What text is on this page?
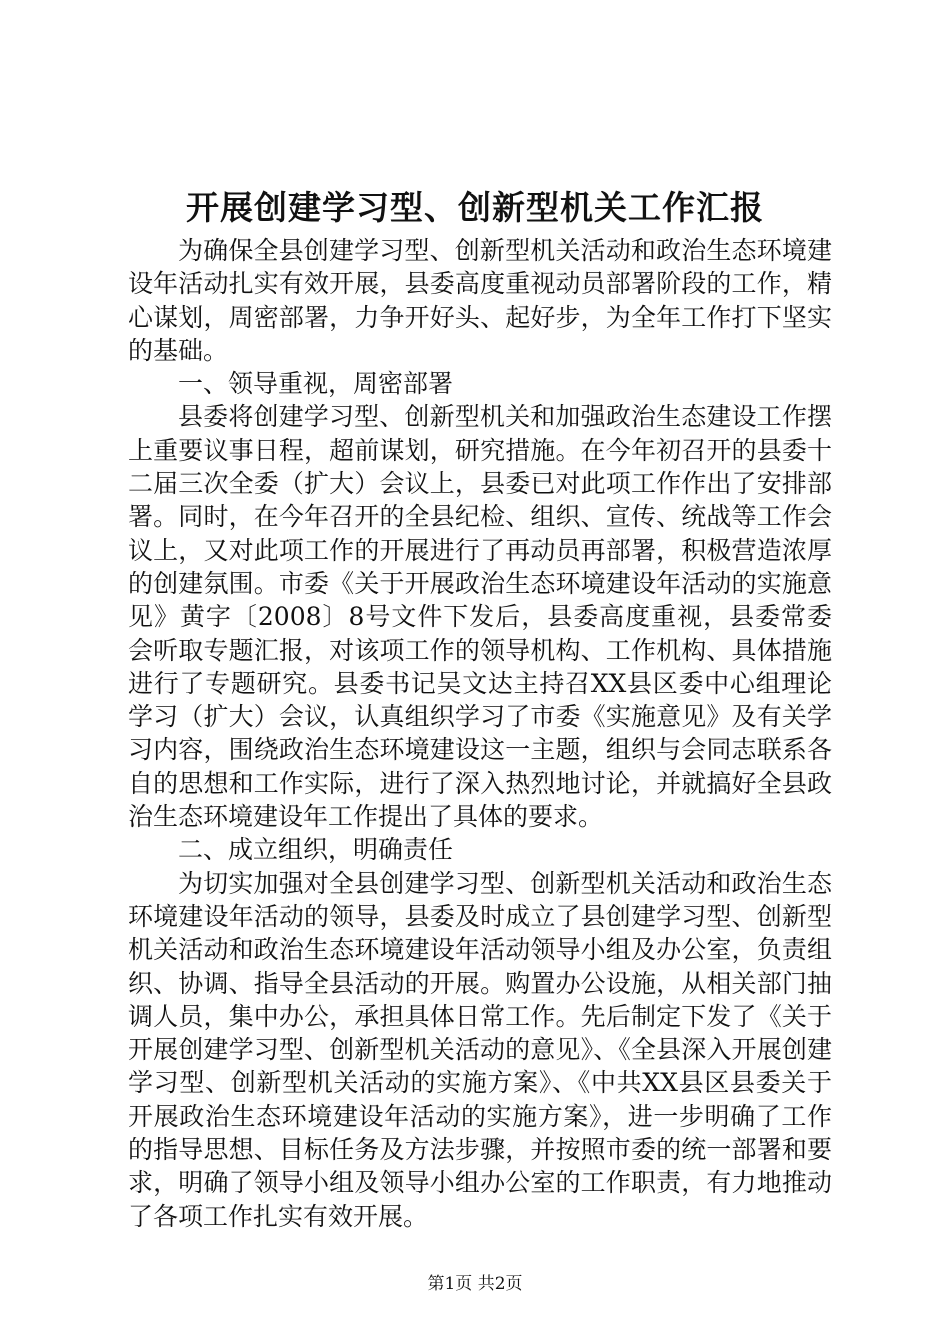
开展创建学习型、创新型机关工作汇报

为确保全县创建学习型、创新型机关活动和政治生态环境建设年活动扎实有效开展，县委高度重视动员部署阶段的工作，精心谋划，周密部署，力争开好头、起好步，为全年工作打下坚实的基础。

一、领导重视，周密部署

县委将创建学习型、创新型机关和加强政治生态建设工作摆上重要议事日程，超前谋划，研究措施。在今年初召开的县委十二届三次全委（扩大）会议上，县委已对此项工作作出了安排部署。同时，在今年召开的全县纪检、组织、宣传、统战等工作会议上，又对此项工作的开展进行了再动员再部署，积极营造浓厚的创建氛围。市委《关于开展政治生态环境建设年活动的实施意见》黄字〔2008〕8号文件下发后，县委高度重视，县委常委会听取专题汇报，对该项工作的领导机构、工作机构、具体措施进行了专题研究。县委书记吴文达主持召XX县区委中心组理论学习（扩大）会议，认真组织学习了市委《实施意见》及有关学习内容，围绕政治生态环境建设这一主题，组织与会同志联系各自的思想和工作实际，进行了深入热烈地讨论，并就搞好全县政治生态环境建设年工作提出了具体的要求。

二、成立组织，明确责任

为切实加强对全县创建学习型、创新型机关活动和政治生态环境建设年活动的领导，县委及时成立了县创建学习型、创新型机关活动和政治生态环境建设年活动领导小组及办公室，负责组织、协调、指导全县活动的开展。购置办公设施，从相关部门抽调人员，集中办公，承担具体日常工作。先后制定下发了《关于开展创建学习型、创新型机关活动的意见》、《全县深入开展创建学习型、创新型机关活动的实施方案》、《中共XX县区县委关于开展政治生态环境建设年活动的实施方案》，进一步明确了工作的指导思想、目标任务及方法步骤，并按照市委的统一部署和要求，明确了领导小组及领导小组办公室的工作职责，有力地推动了各项工作扎实有效开展。

第1页 共2页
